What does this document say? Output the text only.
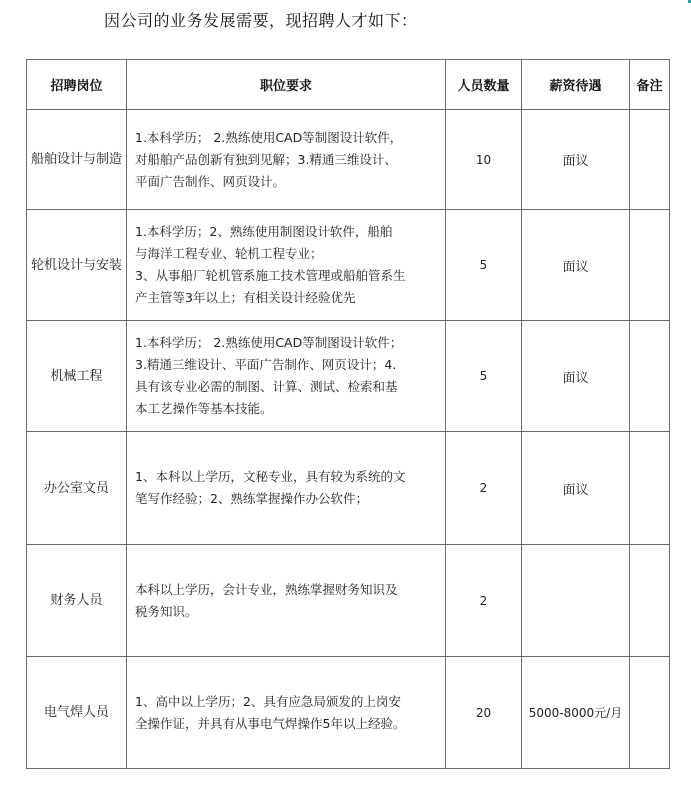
因公司的业务发展需要，现招聘人才如下：
招聘岗位	职位要求	人员数量	薪资待遇	备注
船舶设计与制造	1.本科学历； 2.熟练使用CAD等制图设计软件，
对船舶产品创新有独到见解；3.精通三维设计、
平面广告制作、网页设计。	10	面议	
轮机设计与安装	1.本科学历；2、熟练使用制图设计软件，船舶
与海洋工程专业、轮机工程专业；
3、从事船厂轮机管系施工技术管理或船舶管系生
产主管等3年以上；有相关设计经验优先	5	面议	
机械工程	1.本科学历； 2.熟练使用CAD等制图设计软件；
3.精通三维设计、平面广告制作、网页设计；4.
具有该专业必需的制图、计算、测试、检索和基
本工艺操作等基本技能。	5	面议	
办公室文员	1、本科以上学历，文秘专业，具有较为系统的文
笔写作经验；2、熟练掌握操作办公软件；	2	面议	
财务人员	本科以上学历，会计专业，熟练掌握财务知识及
税务知识。	2		
电气焊人员	1、高中以上学历；2、具有应急局颁发的上岗安
全操作证，并具有从事电气焊操作5年以上经验。	20	5000-8000元/月	
